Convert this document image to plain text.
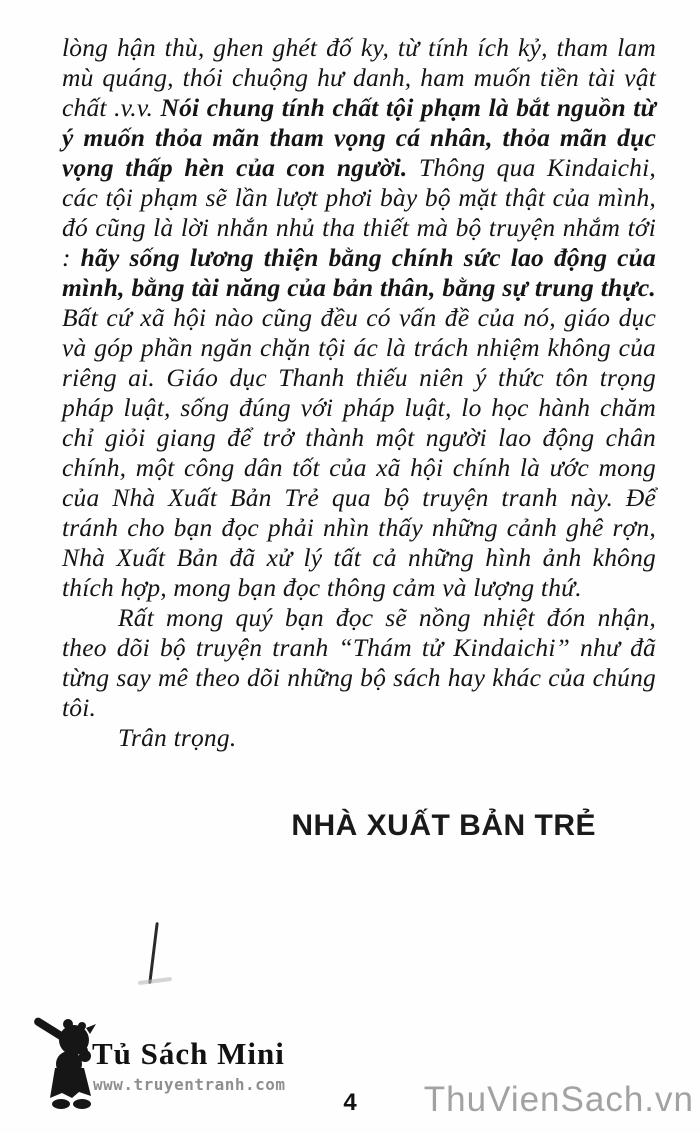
lòng hận thù, ghen ghét đố ky, từ tính ích kỷ, tham lam mù quáng, thói chuộng hư danh, ham muốn tiền tài vật chất .v.v. Nói chung tính chất tội phạm là bắt nguồn từ ý muốn thỏa mãn tham vọng cá nhân, thỏa mãn dục vọng thấp hèn của con người. Thông qua Kindaichi, các tội phạm sẽ lần lượt phơi bày bộ mặt thật của mình, đó cũng là lời nhắn nhủ tha thiết mà bộ truyện nhắm tới : hãy sống lương thiện bằng chính sức lao động của mình, bằng tài năng của bản thân, bằng sự trung thực. Bất cứ xã hội nào cũng đều có vấn đề của nó, giáo dục và góp phần ngăn chặn tội ác là trách nhiệm không của riêng ai. Giáo dục Thanh thiếu niên ý thức tôn trọng pháp luật, sống đúng với pháp luật, lo học hành chăm chỉ giỏi giang để trở thành một người lao động chân chính, một công dân tốt của xã hội chính là ước mong của Nhà Xuất Bản Trẻ qua bộ truyện tranh này. Để tránh cho bạn đọc phải nhìn thấy những cảnh ghê rợn, Nhà Xuất Bản đã xử lý tất cả những hình ảnh không thích hợp, mong bạn đọc thông cảm và lượng thứ.

Rất mong quý bạn đọc sẽ nồng nhiệt đón nhận, theo dõi bộ truyện tranh “Thám tử Kindaichi” như đã từng say mê theo dõi những bộ sách hay khác của chúng tôi.

Trân trọng.

NHÀ XUẤT BẢN TRẺ
Tủ Sách Mini
www.truyentranh.com
4	ThuVienSach.vn
